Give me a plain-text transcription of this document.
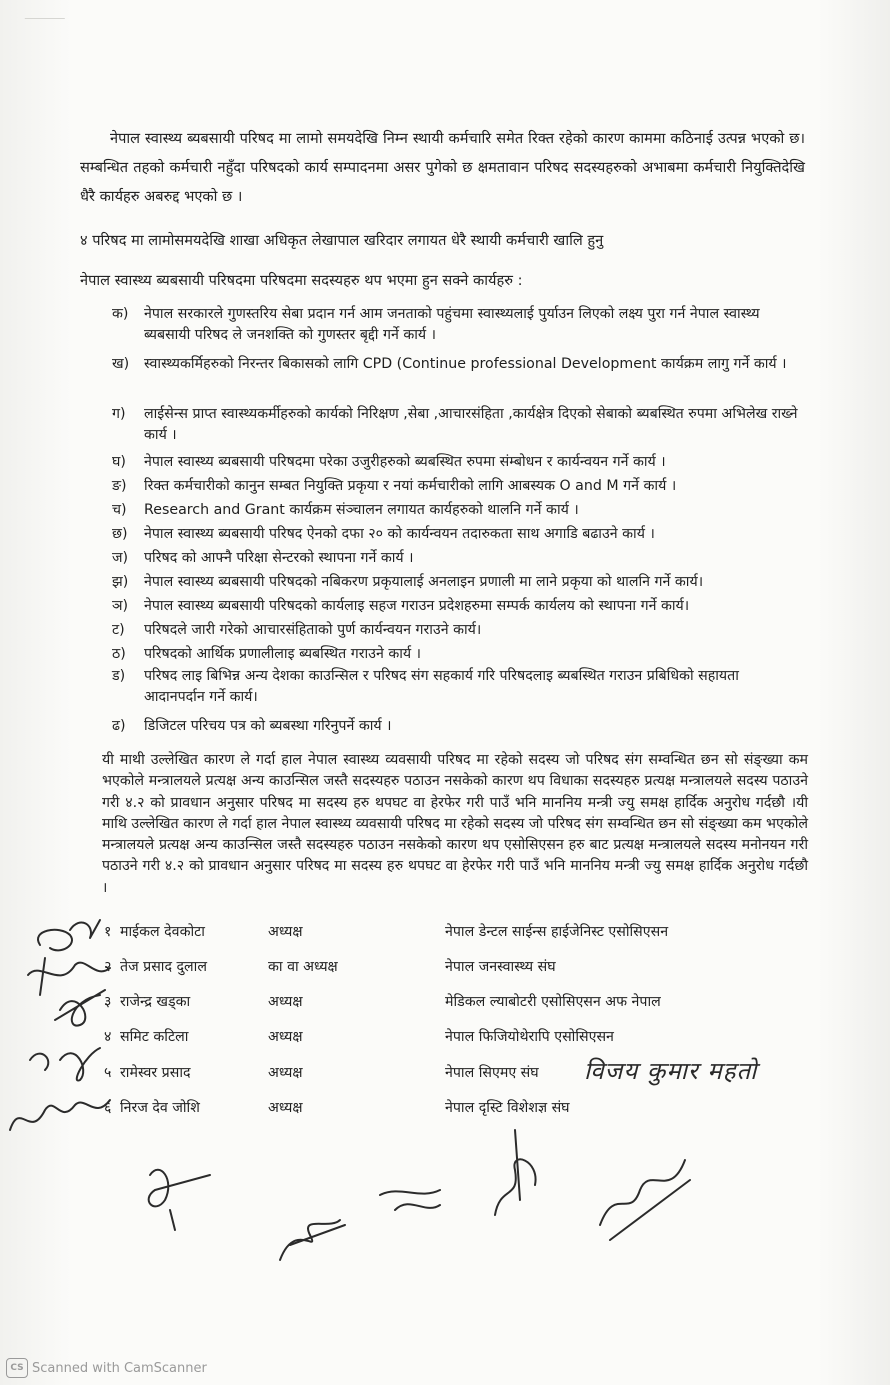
नेपाल स्वास्थ्य ब्यबसायी परिषद मा लामो समयदेखि निम्न स्थायी कर्मचारि समेत रिक्त रहेको कारण काममा कठिनाई उत्पन्न भएको छ।सम्बन्धित तहको कर्मचारी नहुँदा परिषदको कार्य सम्पादनमा असर पुगेको छ क्षमतावान परिषद सदस्यहरुको अभाबमा कर्मचारी नियुक्तिदेखि धैरै कार्यहरु अबरुद्द भएको छ ।
४ परिषद मा लामोसमयदेखि शाखा अधिकृत लेखापाल खरिदार लगायत धेरै स्थायी कर्मचारी खालि हुनु
नेपाल स्वास्थ्य ब्यबसायी परिषदमा परिषदमा सदस्यहरु थप भएमा हुन सक्ने कार्यहरु :
क)	नेपाल सरकारले गुणस्तरिय सेबा प्रदान गर्न आम जनताको पहुंचमा स्वास्थ्यलाई पुर्याउन लिएको लक्ष्य पुरा गर्न नेपाल स्वास्थ्य ब्यबसायी परिषद ले जनशक्ति को गुणस्तर बृद्दी गर्ने कार्य ।
ख)	स्वास्थ्यकर्मिहरुको निरन्तर बिकासको लागि CPD (Continue professional Development कार्यक्रम लागु गर्ने कार्य ।
ग)	लाईसेन्स प्राप्त स्वास्थ्यकर्मीहरुको कार्यको निरिक्षण ,सेबा ,आचारसंहिता ,कार्यक्षेत्र दिएको सेबाको ब्यबस्थित रुपमा अभिलेख राख्ने कार्य ।
घ)	नेपाल स्वास्थ्य ब्यबसायी परिषदमा परेका उजुरीहरुको ब्यबस्थित रुपमा संम्बोधन र कार्यन्वयन गर्ने कार्य ।
ङ)	रिक्त कर्मचारीको कानुन सम्बत नियुक्ति प्रकृया र नयां कर्मचारीको लागि आबस्यक O and M गर्ने कार्य ।
च)	Research and Grant कार्यक्रम संञ्चालन लगायत कार्यहरुको थालनि गर्ने कार्य ।
छ)	नेपाल स्वास्थ्य ब्यबसायी परिषद ऐनको दफा २० को कार्यन्वयन तदारुकता साथ अगाडि बढाउने कार्य ।
ज)	परिषद को आफ्नै परिक्षा सेन्टरको स्थापना गर्ने कार्य ।
झ)	नेपाल स्वास्थ्य ब्यबसायी परिषदको नबिकरण प्रकृयालाई अनलाइन प्रणाली मा लाने प्रकृया को थालनि गर्ने कार्य।
ञ)	नेपाल स्वास्थ्य ब्यबसायी परिषदको कार्यलाइ सहज गराउन प्रदेशहरुमा सम्पर्क कार्यलय को स्थापना गर्ने कार्य।
ट)	परिषदले जारी गरेको आचारसंहिताको पुर्ण कार्यन्वयन गराउने कार्य।
ठ)	परिषदको आर्थिक प्रणालीलाइ ब्यबस्थित गराउने कार्य ।
ड)	परिषद लाइ बिभिन्न अन्य देशका काउन्सिल र परिषद संग सहकार्य गरि परिषदलाइ ब्यबस्थित गराउन प्रबिधिको सहायता आदानपर्दान गर्ने कार्य।
ढ)	डिजिटल परिचय पत्र को ब्यबस्था गरिनुपर्ने कार्य ।
यी माथी उल्लेखित कारण ले गर्दा हाल नेपाल स्वास्थ्य व्यवसायी परिषद मा रहेको सदस्य जो परिषद संग सम्वन्धित छन सो संङ्ख्या कम भएकोले मन्त्रालयले प्रत्यक्ष अन्य काउन्सिल जस्तै सदस्यहरु पठाउन नसकेको कारण थप विधाका सदस्यहरु प्रत्यक्ष मन्त्रालयले सदस्य पठाउने गरी ४.२ को प्रावधान अनुसार परिषद मा सदस्य हरु थपघट वा हेरफेर गरी पाउँ भनि माननिय मन्त्री ज्यु समक्ष हार्दिक अनुरोध गर्दछौ ।यी माथि उल्लेखित कारण ले गर्दा हाल नेपाल स्वास्थ्य व्यवसायी परिषद मा रहेको सदस्य जो परिषद संग सम्वन्धित छन सो संङ्ख्या कम भएकोले मन्त्रालयले प्रत्यक्ष अन्य काउन्सिल जस्तै सदस्यहरु पठाउन नसकेको कारण थप एसोसिएसन हरु बाट प्रत्यक्ष मन्त्रालयले सदस्य मनोनयन गरी पठाउने गरी ४.२ को प्रावधान अनुसार परिषद मा सदस्य हरु थपघट वा हेरफेर गरी पाउँ भनि माननिय मन्त्री ज्यु समक्ष हार्दिक अनुरोध गर्दछौ ।
१ माईकल देवकोटा	अध्यक्ष	नेपाल डेन्टल साईन्स हाईजेनिस्ट एसोसिएसन
२ तेज प्रसाद दुलाल	का वा अध्यक्ष	नेपाल जनस्वास्थ्य संघ
३ राजेन्द्र खड्का	अध्यक्ष	मेडिकल ल्याबोटरी एसोसिएसन अफ नेपाल
४ समिट कटिला	अध्यक्ष	नेपाल फिजियोथेरापि एसोसिएसन
५ रामेस्वर प्रसाद	अध्यक्ष	नेपाल सिएमए संघ
६ निरज देव जोशि	अध्यक्ष	नेपाल दृस्टि विशेशज्ञ संघ
विजय कुमार महतो
CS Scanned with CamScanner
